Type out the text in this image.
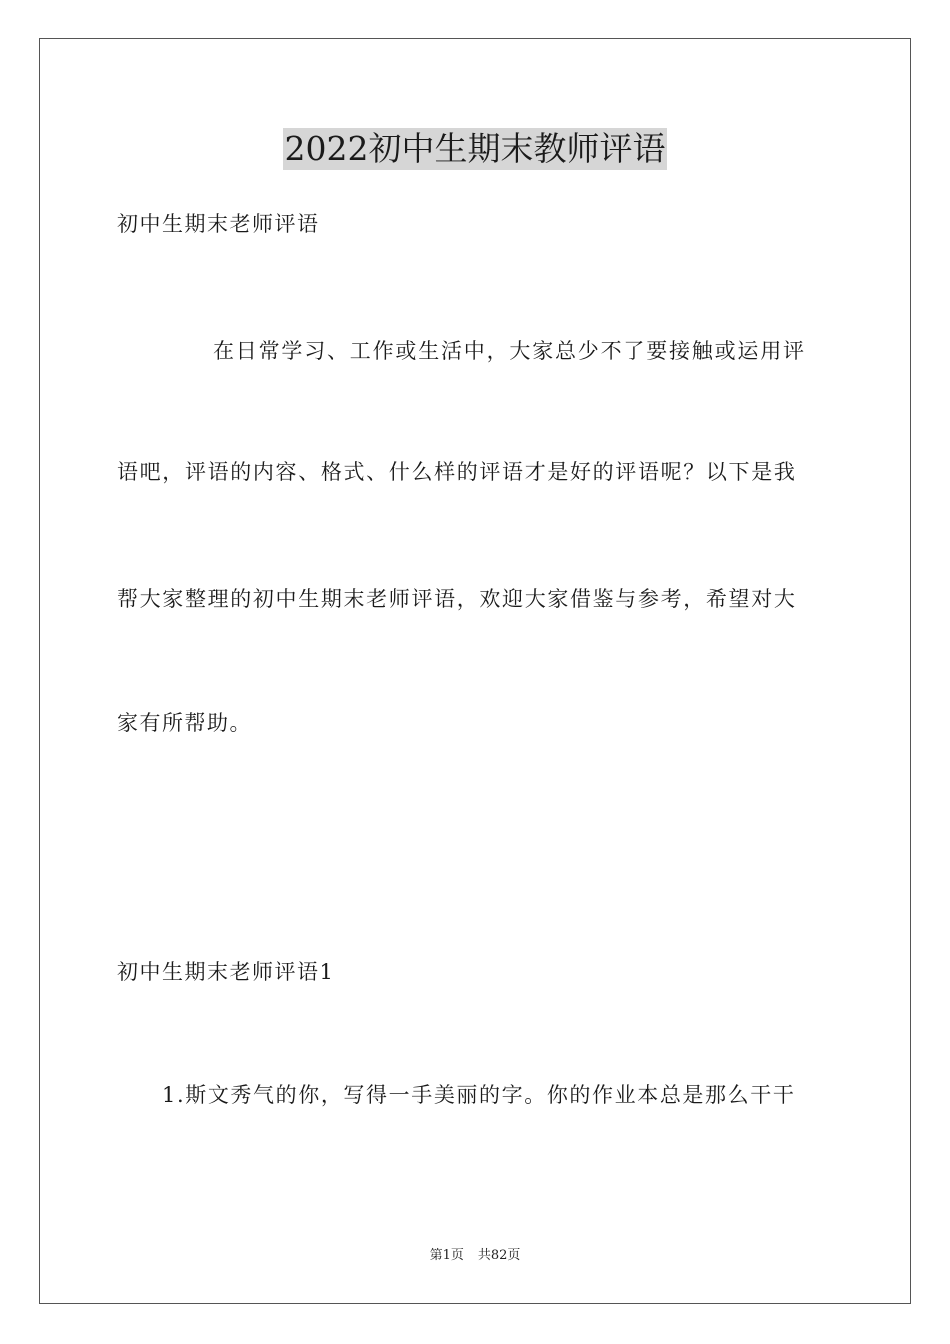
2022初中生期末教师评语
初中生期末老师评语
在日常学习、工作或生活中，大家总少不了要接触或运用评
语吧，评语的内容、格式、什么样的评语才是好的评语呢？以下是我
帮大家整理的初中生期末老师评语，欢迎大家借鉴与参考，希望对大
家有所帮助。
初中生期末老师评语1
1.斯文秀气的你，写得一手美丽的字。你的作业本总是那么干干
第1页 共82页
